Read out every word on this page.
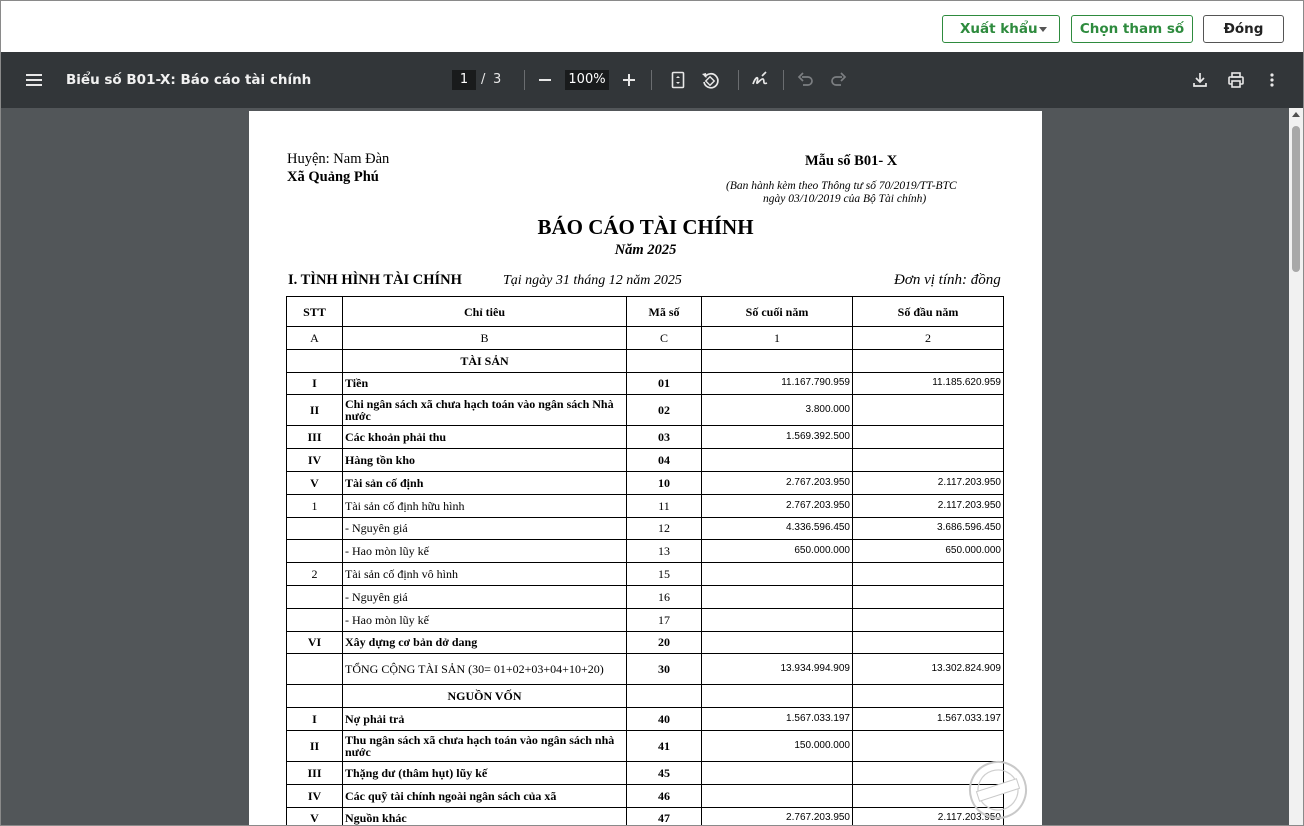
Xuất khẩu	Chọn tham số	Đóng
Biểu số B01-X: Báo cáo tài chính	1 / 3	100%
Huyện: Nam Đàn
Xã Quảng Phú
Mẫu số B01- X
(Ban hành kèm theo Thông tư số 70/2019/TT-BTC
ngày 03/10/2019 của Bộ Tài chính)
BÁO CÁO TÀI CHÍNH
Năm 2025
I. TÌNH HÌNH TÀI CHÍNH	Tại ngày 31 tháng 12 năm 2025	Đơn vị tính: đồng
STT	Chỉ tiêu	Mã số	Số cuối năm	Số đầu năm
A	B	C	1	2
	TÀI SẢN			
I	Tiền	01	11.167.790.959	11.185.620.959
II	Chi ngân sách xã chưa hạch toán vào ngân sách Nhà nước	02	3.800.000	
III	Các khoản phải thu	03	1.569.392.500	
IV	Hàng tồn kho	04		
V	Tài sản cố định	10	2.767.203.950	2.117.203.950
1	Tài sản cố định hữu hình	11	2.767.203.950	2.117.203.950
	- Nguyên giá	12	4.336.596.450	3.686.596.450
	- Hao mòn lũy kế	13	650.000.000	650.000.000
2	Tài sản cố định vô hình	15		
	- Nguyên giá	16		
	- Hao mòn lũy kế	17		
VI	Xây dựng cơ bản dở dang	20		
	TỔNG CỘNG TÀI SẢN (30= 01+02+03+04+10+20)	30	13.934.994.909	13.302.824.909
	NGUỒN VỐN			
I	Nợ phải trả	40	1.567.033.197	1.567.033.197
II	Thu ngân sách xã chưa hạch toán vào ngân sách nhà nước	41	150.000.000	
III	Thặng dư (thâm hụt) lũy kế	45		
IV	Các quỹ tài chính ngoài ngân sách của xã	46		
V	Nguồn khác	47	2.767.203.950	2.117.203.950
